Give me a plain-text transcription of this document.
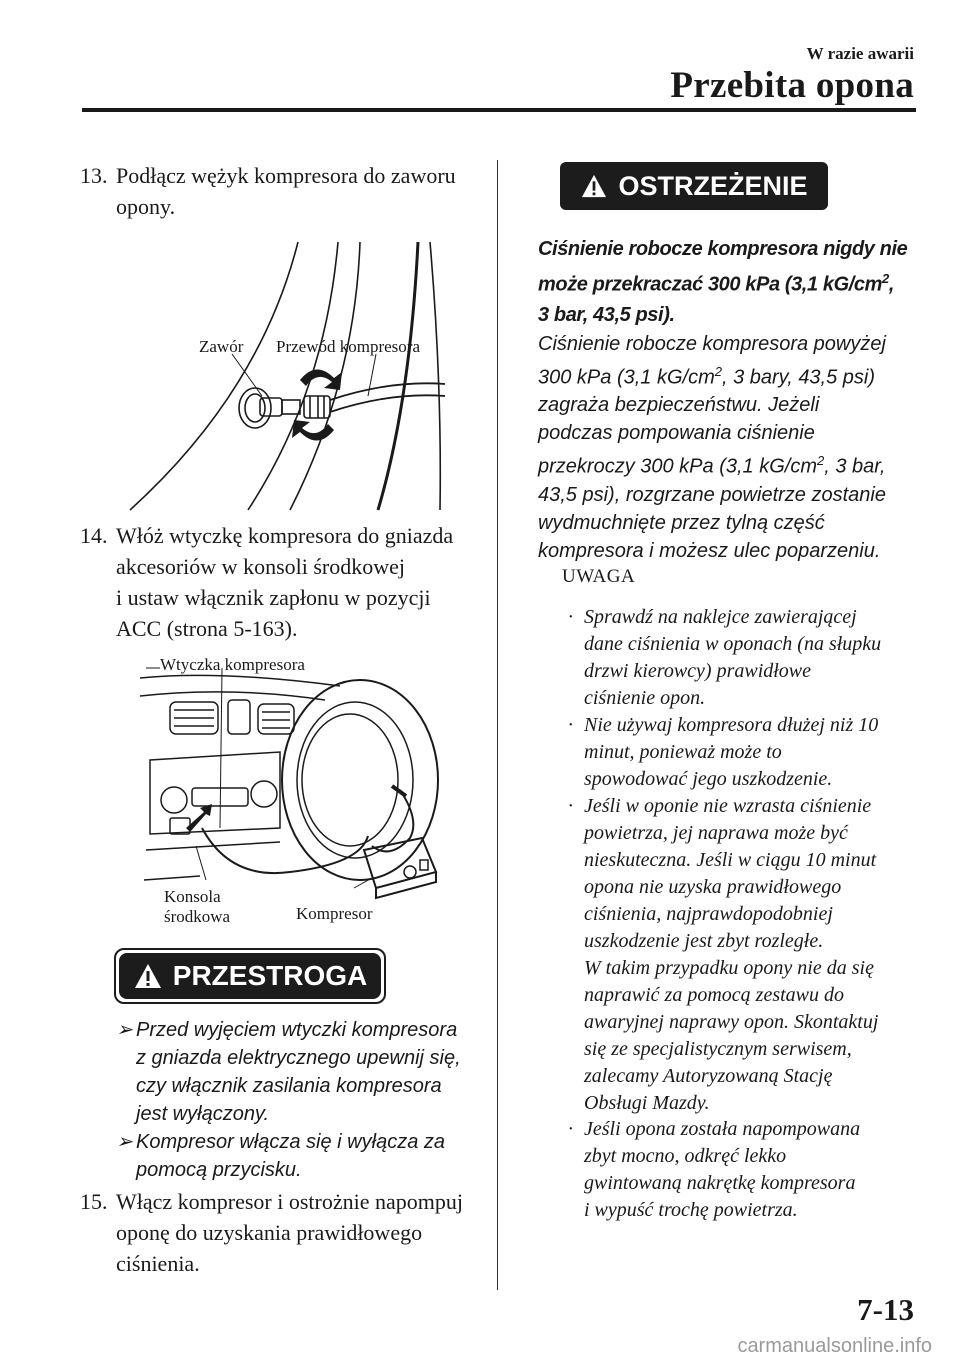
W razie awarii
Przebita opona
13. Podłącz wężyk kompresora do zaworu
opony.
Zawór Przewód kompresora
14. Włóż wtyczkę kompresora do gniazda
akcesoriów w konsoli środkowej
i ustaw włącznik zapłonu w pozycji
ACC (strona 5-163).
Wtyczka kompresora
Konsola
środkowa	Kompresor
PRZESTROGA
➢ Przed wyjęciem wtyczki kompresora
z gniazda elektrycznego upewnij się,
czy włącznik zasilania kompresora
jest wyłączony.
➢ Kompresor włącza się i wyłącza za
pomocą przycisku.
15. Włącz kompresor i ostrożnie napompuj
oponę do uzyskania prawidłowego
ciśnienia.
OSTRZEŻENIE
Ciśnienie robocze kompresora nigdy nie
może przekraczać 300 kPa (3,1 $kG/cm^2$,
3 bar, 43,5 psi).
Ciśnienie robocze kompresora powyżej
300 kPa (3,1 $kG/cm^2$, 3 bary, 43,5 psi)
zagraża bezpieczeństwu. Jeżeli
podczas pompowania ciśnienie
przekroczy 300 kPa (3,1 $kG/cm^2$, 3 bar,
43,5 psi), rozgrzane powietrze zostanie
wydmuchnięte przez tylną część
kompresora i możesz ulec poparzeniu.
UWAGA
· Sprawdź na naklejce zawierającej
dane ciśnienia w oponach (na słupku
drzwi kierowcy) prawidłowe
ciśnienie opon.
· Nie używaj kompresora dłużej niż 10
minut, ponieważ może to
spowodować jego uszkodzenie.
· Jeśli w oponie nie wzrasta ciśnienie
powietrza, jej naprawa może być
nieskuteczna. Jeśli w ciągu 10 minut
opona nie uzyska prawidłowego
ciśnienia, najprawdopodobniej
uszkodzenie jest zbyt rozległe.
W takim przypadku opony nie da się
naprawić za pomocą zestawu do
awaryjnej naprawy opon. Skontaktuj
się ze specjalistycznym serwisem,
zalecamy Autoryzowaną Stację
Obsługi Mazdy.
· Jeśli opona została napompowana
zbyt mocno, odkręć lekko
gwintowaną nakrętkę kompresora
i wypuść trochę powietrza.
7-13
carmanualsonline.info
